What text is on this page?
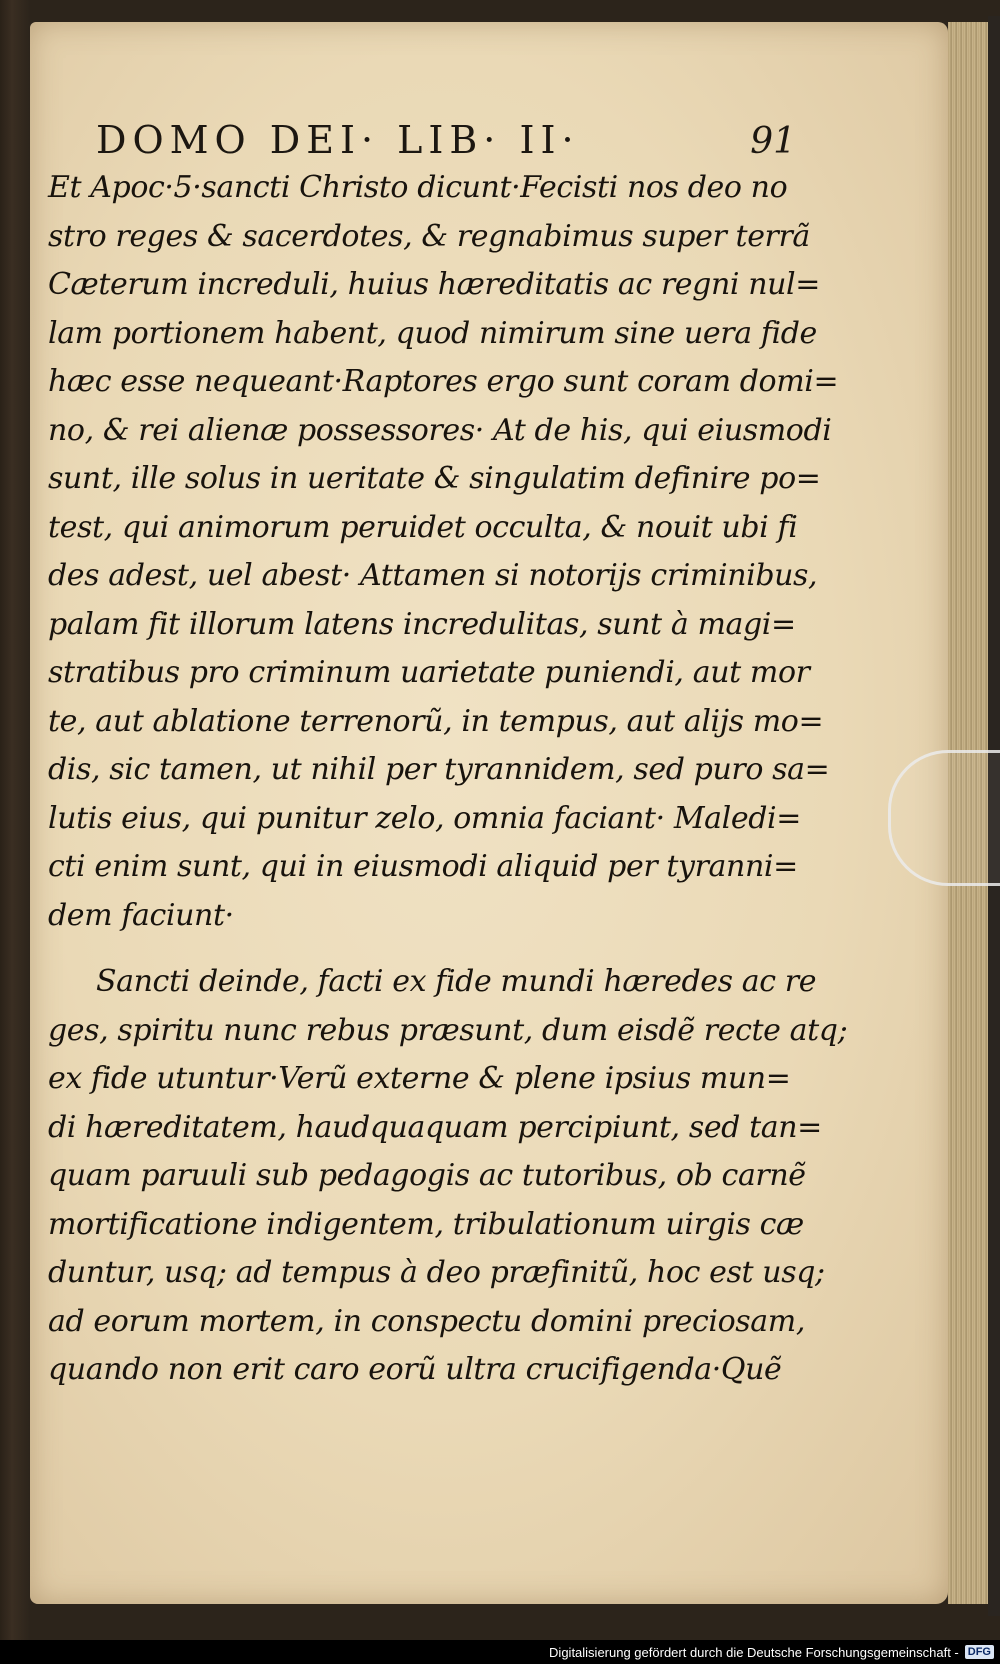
DOMO DEI· LIB· II·	91
Et Apoc·5·sancti Christo dicunt·Fecisti nos deo no
stro reges & sacerdotes, & regnabimus super terrã
Cæterum increduli, huius hæreditatis ac regni nul=
lam portionem habent, quod nimirum sine uera fide
hæc esse nequeant·Raptores ergo sunt coram domi=
no, & rei alienæ possessores· At de his, qui eiusmodi
sunt, ille solus in ueritate & singulatim definire po=
test, qui animorum peruidet occulta, & nouit ubi fi
des adest, uel abest· Attamen si notorijs criminibus,
palam fit illorum latens incredulitas, sunt à magi=
stratibus pro criminum uarietate puniendi, aut mor
te, aut ablatione terrenorũ, in tempus, aut alijs mo=
dis, sic tamen, ut nihil per tyrannidem, sed puro sa=
lutis eius, qui punitur zelo, omnia faciant· Maledi=
cti enim sunt, qui in eiusmodi aliquid per tyranni=
dem faciunt·
Sancti deinde, facti ex fide mundi hæredes ac re
ges, spiritu nunc rebus præsunt, dum eisdẽ recte atq;
ex fide utuntur·Verũ externe & plene ipsius mun=
di hæreditatem, haudquaquam percipiunt, sed tan=
quam paruuli sub pedagogis ac tutoribus, ob carnẽ
mortificatione indigentem, tribulationum uirgis cæ
duntur, usq; ad tempus à deo præfinitũ, hoc est usq;
ad eorum mortem, in conspectu domini preciosam,
quando non erit caro eorũ ultra crucifigenda·Quẽ
Digitalisierung gefördert durch die Deutsche Forschungsgemeinschaft - DFG
